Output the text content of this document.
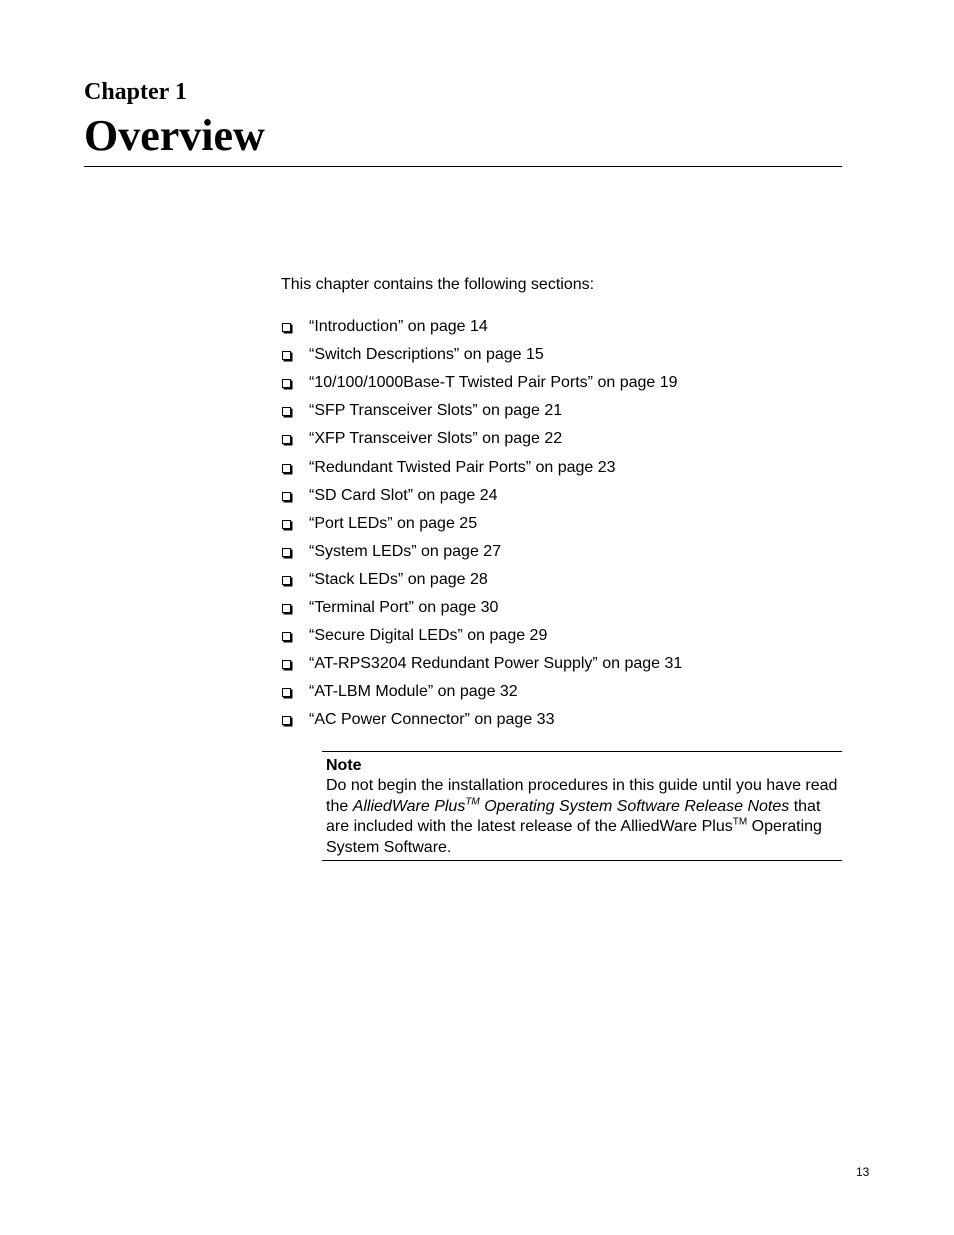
Chapter 1
Overview

This chapter contains the following sections:

“Introduction” on page 14
“Switch Descriptions” on page 15
“10/100/1000Base-T Twisted Pair Ports” on page 19
“SFP Transceiver Slots” on page 21
“XFP Transceiver Slots” on page 22
“Redundant Twisted Pair Ports” on page 23
“SD Card Slot” on page 24
“Port LEDs” on page 25
“System LEDs” on page 27
“Stack LEDs” on page 28
“Terminal Port” on page 30
“Secure Digital LEDs” on page 29
“AT-RPS3204 Redundant Power Supply” on page 31
“AT-LBM Module” on page 32
“AC Power Connector” on page 33

Note

Do not begin the installation procedures in this guide until you have read the AlliedWare Plus™ Operating System Software Release Notes that are included with the latest release of the AlliedWare Plus™ Operating System Software.

13
